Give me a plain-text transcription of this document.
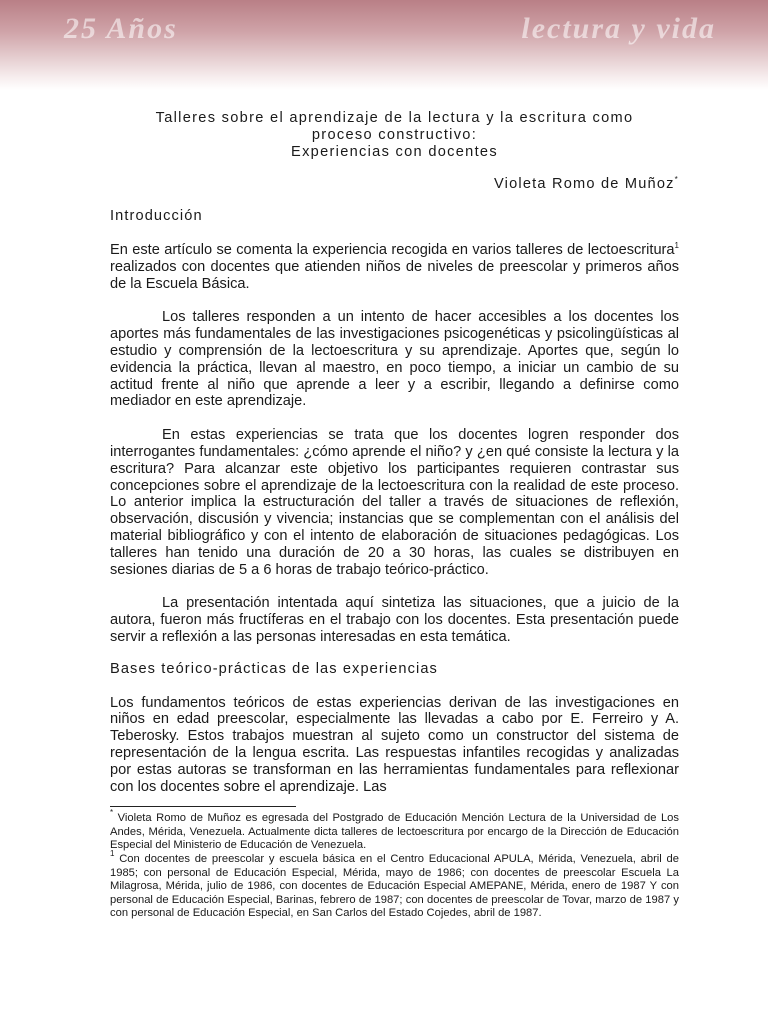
25 Años	lectura y vida
Talleres sobre el aprendizaje de la lectura y la escritura como
proceso constructivo:
Experiencias con docentes
Violeta Romo de Muñoz*
Introducción

En este artículo se comenta la experiencia recogida en varios talleres de lectoescritura$^1$ realizados con docentes que atienden niños de niveles de preescolar y primeros años de la Escuela Básica.

Los talleres responden a un intento de hacer accesibles a los docentes los aportes más fundamentales de las investigaciones psicogenéticas y psicolingüísticas al estudio y comprensión de la lectoescritura y su aprendizaje. Aportes que, según lo evidencia la práctica, llevan al maestro, en poco tiempo, a iniciar un cambio de su actitud frente al niño que aprende a leer y a escribir, llegando a definirse como mediador en este aprendizaje.

En estas experiencias se trata que los docentes logren responder dos interrogantes fundamentales: ¿cómo aprende el niño? y ¿en qué consiste la lectura y la escritura? Para alcanzar este objetivo los participantes requieren contrastar sus concepciones sobre el aprendizaje de la lectoescritura con la realidad de este proceso. Lo anterior implica la estructuración del taller a través de situaciones de reflexión, observación, discusión y vivencia; instancias que se complementan con el análisis del material bibliográfico y con el intento de elaboración de situaciones pedagógicas. Los talleres han tenido una duración de 20 a 30 horas, las cuales se distribuyen en sesiones diarias de 5 a 6 horas de trabajo teórico-práctico.

La presentación intentada aquí sintetiza las situaciones, que a juicio de la autora, fueron más fructíferas en el trabajo con los docentes. Esta presentación puede servir a reflexión a las personas interesadas en esta temática.

Bases teórico-prácticas de las experiencias

Los fundamentos teóricos de estas experiencias derivan de las investigaciones en niños en edad preescolar, especialmente las llevadas a cabo por E. Ferreiro y A. Teberosky. Estos trabajos muestran al sujeto como un constructor del sistema de representación de la lengua escrita. Las respuestas infantiles recogidas y analizadas por estas autoras se transforman en las herramientas fundamentales para reflexionar con los docentes sobre el aprendizaje. Las

* Violeta Romo de Muñoz es egresada del Postgrado de Educación Mención Lectura de la Universidad de Los Andes, Mérida, Venezuela. Actualmente dicta talleres de lectoescritura por encargo de la Dirección de Educación Especial del Ministerio de Educación de Venezuela.

$^1$ Con docentes de preescolar y escuela básica en el Centro Educacional APULA, Mérida, Venezuela, abril de 1985; con personal de Educación Especial, Mérida, mayo de 1986; con docentes de preescolar Escuela La Milagrosa, Mérida, julio de 1986, con docentes de Educación Especial AMEPANE, Mérida, enero de 1987 Y con personal de Educación Especial, Barinas, febrero de 1987; con docentes de preescolar de Tovar, marzo de 1987 y con personal de Educación Especial, en San Carlos del Estado Cojedes, abril de 1987.
